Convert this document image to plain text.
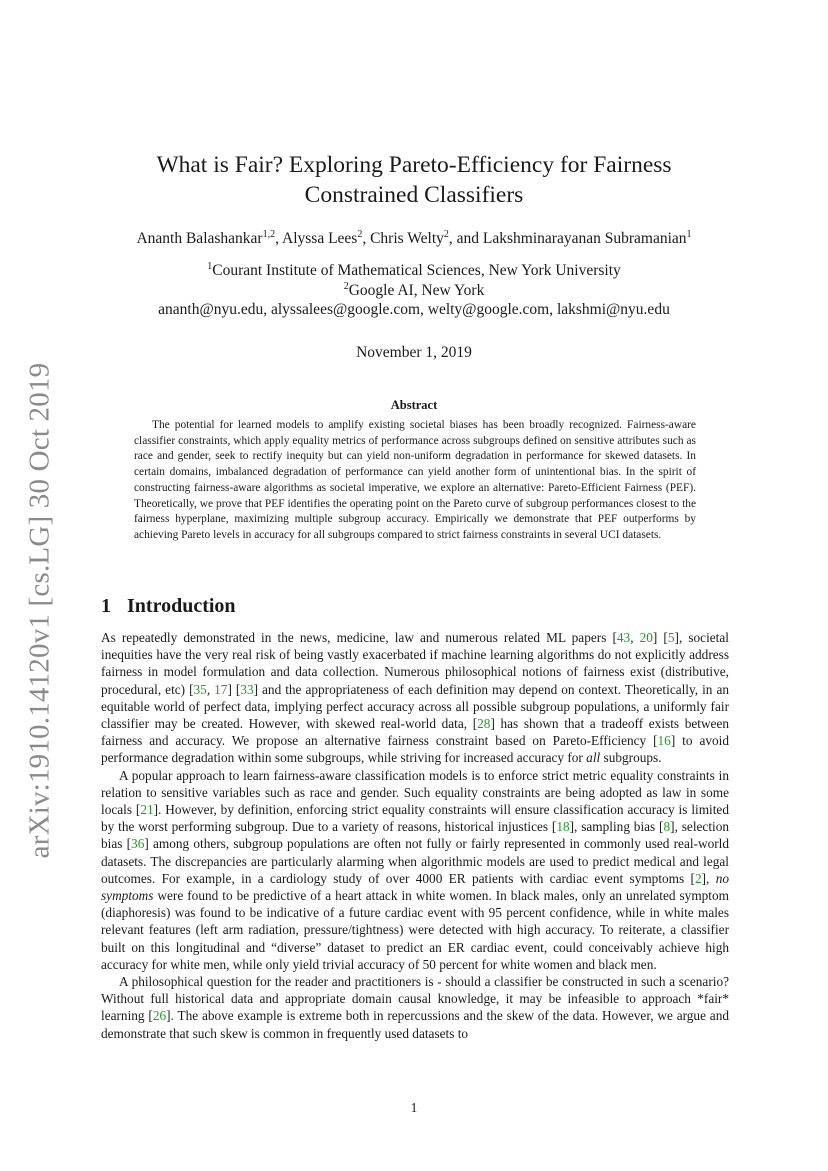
arXiv:1910.14120v1 [cs.LG] 30 Oct 2019
What is Fair? Exploring Pareto-Efficiency for Fairness
Constrained Classifiers
Ananth Balashankar$^{1,2}$, Alyssa Lees$^2$, Chris Welty$^2$, and Lakshminarayanan Subramanian$^1$
$^1$Courant Institute of Mathematical Sciences, New York University
$^2$Google AI, New York
ananth@nyu.edu, alyssalees@google.com, welty@google.com, lakshmi@nyu.edu
November 1, 2019
Abstract
The potential for learned models to amplify existing societal biases has been broadly recognized. Fairness-aware classifier constraints, which apply equality metrics of performance across subgroups defined on sensitive attributes such as race and gender, seek to rectify inequity but can yield non-uniform degradation in performance for skewed datasets. In certain domains, imbalanced degradation of performance can yield another form of unintentional bias. In the spirit of constructing fairness-aware algorithms as societal imperative, we explore an alternative: Pareto-Efficient Fairness (PEF). Theoretically, we prove that PEF identifies the operating point on the Pareto curve of subgroup performances closest to the fairness hyperplane, maximizing multiple subgroup accuracy. Empirically we demonstrate that PEF outperforms by achieving Pareto levels in accuracy for all subgroups compared to strict fairness constraints in several UCI datasets.
1 Introduction

As repeatedly demonstrated in the news, medicine, law and numerous related ML papers [43, 20] [5], societal inequities have the very real risk of being vastly exacerbated if machine learning algorithms do not explicitly address fairness in model formulation and data collection. Numerous philosophical notions of fairness exist (distributive, procedural, etc) [35, 17] [33] and the appropriateness of each definition may depend on context. Theoretically, in an equitable world of perfect data, implying perfect accuracy across all possible subgroup populations, a uniformly fair classifier may be created. However, with skewed real-world data, [28] has shown that a tradeoff exists between fairness and accuracy. We propose an alternative fairness constraint based on Pareto-Efficiency [16] to avoid performance degradation within some subgroups, while striving for increased accuracy for all subgroups.

A popular approach to learn fairness-aware classification models is to enforce strict metric equality constraints in relation to sensitive variables such as race and gender. Such equality constraints are being adopted as law in some locals [21]. However, by definition, enforcing strict equality constraints will ensure classification accuracy is limited by the worst performing subgroup. Due to a variety of reasons, historical injustices [18], sampling bias [8], selection bias [36] among others, subgroup populations are often not fully or fairly represented in commonly used real-world datasets. The discrepancies are particularly alarming when algorithmic models are used to predict medical and legal outcomes. For example, in a cardiology study of over 4000 ER patients with cardiac event symptoms [2], no symptoms were found to be predictive of a heart attack in white women. In black males, only an unrelated symptom (diaphoresis) was found to be indicative of a future cardiac event with 95 percent confidence, while in white males relevant features (left arm radiation, pressure/tightness) were detected with high accuracy. To reiterate, a classifier built on this longitudinal and “diverse” dataset to predict an ER cardiac event, could conceivably achieve high accuracy for white men, while only yield trivial accuracy of 50 percent for white women and black men.

A philosophical question for the reader and practitioners is - should a classifier be constructed in such a scenario? Without full historical data and appropriate domain causal knowledge, it may be infeasible to approach *fair* learning [26]. The above example is extreme both in repercussions and the skew of the data. However, we argue and demonstrate that such skew is common in frequently used datasets to

1
